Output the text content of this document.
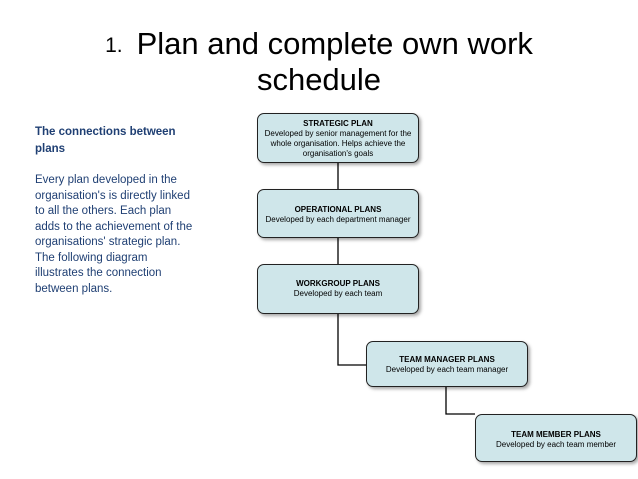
1. Plan and complete own work
schedule
The connections between plans
Every plan developed in the organisation's is directly linked to all the others. Each plan adds to the achievement of the organisations' strategic plan. The following diagram illustrates the connection between plans.
STRATEGIC PLAN
Developed by senior management for the whole organisation. Helps achieve the organisation's goals
OPERATIONAL PLANS
Developed by each department manager
WORKGROUP PLANS
Developed by each team
TEAM MANAGER PLANS
Developed by each team manager
TEAM MEMBER PLANS
Developed by each team member
